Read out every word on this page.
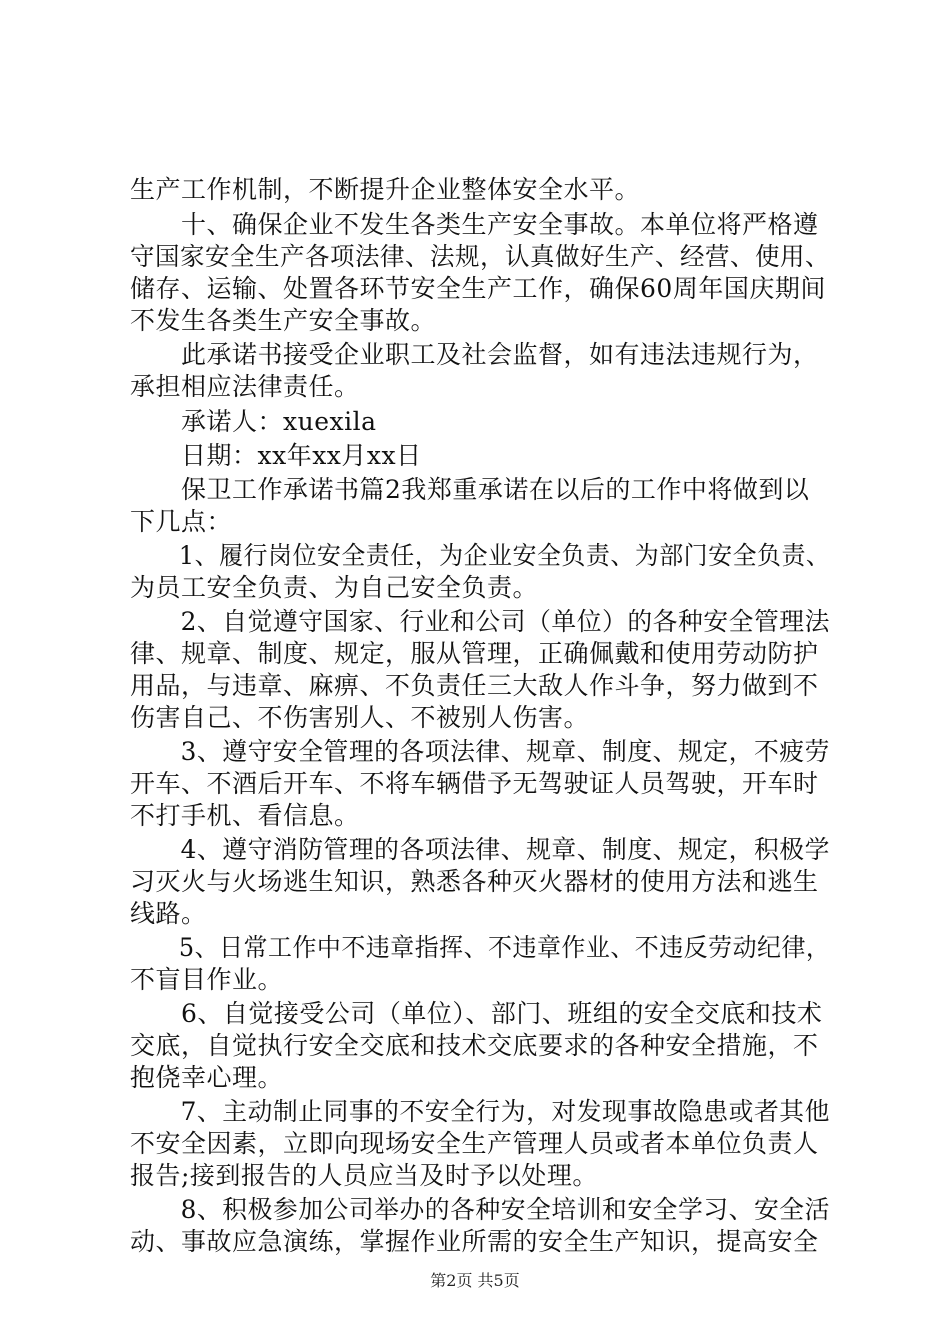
生产工作机制，不断提升企业整体安全水平。
　　十、确保企业不发生各类生产安全事故。本单位将严格遵
守国家安全生产各项法律、法规，认真做好生产、经营、使用、
储存、运输、处置各环节安全生产工作，确保60周年国庆期间
不发生各类生产安全事故。
　　此承诺书接受企业职工及社会监督，如有违法违规行为，
承担相应法律责任。
　　承诺人：xuexila
　　日期：xx年xx月xx日
　　保卫工作承诺书篇2我郑重承诺在以后的工作中将做到以
下几点：
　　1、履行岗位安全责任，为企业安全负责、为部门安全负责、
为员工安全负责、为自己安全负责。
　　2、自觉遵守国家、行业和公司（单位）的各种安全管理法
律、规章、制度、规定，服从管理，正确佩戴和使用劳动防护
用品，与违章、麻痹、不负责任三大敌人作斗争，努力做到不
伤害自己、不伤害别人、不被别人伤害。
　　3、遵守安全管理的各项法律、规章、制度、规定，不疲劳
开车、不酒后开车、不将车辆借予无驾驶证人员驾驶，开车时
不打手机、看信息。
　　4、遵守消防管理的各项法律、规章、制度、规定，积极学
习灭火与火场逃生知识，熟悉各种灭火器材的使用方法和逃生
线路。
　　5、日常工作中不违章指挥、不违章作业、不违反劳动纪律，
不盲目作业。
　　6、自觉接受公司（单位）、部门、班组的安全交底和技术
交底，自觉执行安全交底和技术交底要求的各种安全措施，不
抱侥幸心理。
　　7、主动制止同事的不安全行为，对发现事故隐患或者其他
不安全因素，立即向现场安全生产管理人员或者本单位负责人
报告;接到报告的人员应当及时予以处理。
　　8、积极参加公司举办的各种安全培训和安全学习、安全活
动、事故应急演练，掌握作业所需的安全生产知识，提高安全
第2页 共5页
